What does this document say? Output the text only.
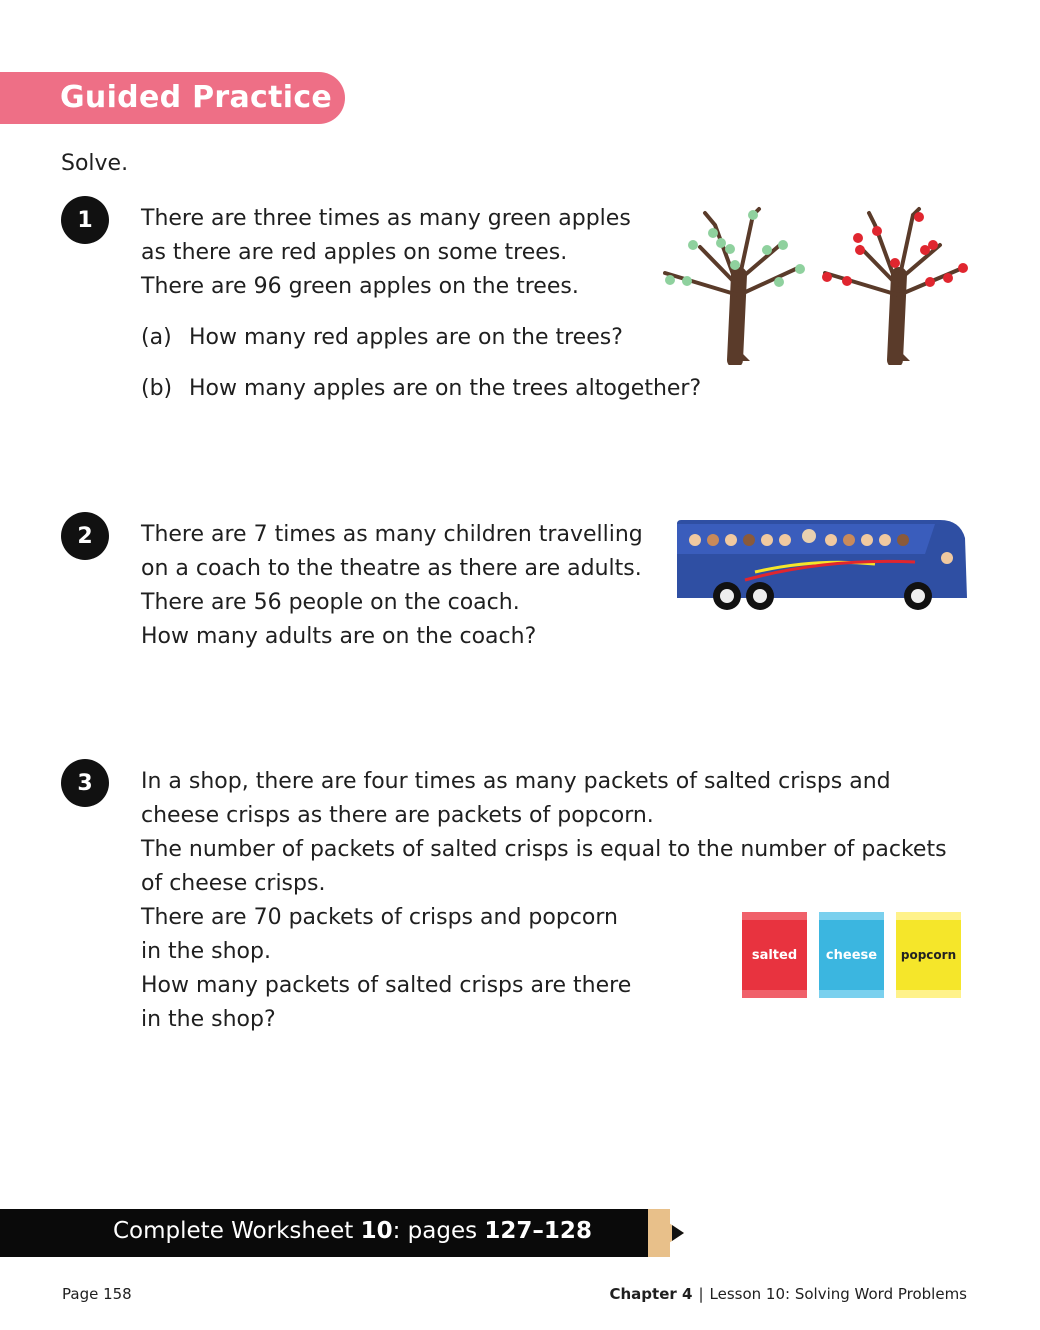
Guided Practice
Solve.
1	There are three times as many green apples
as there are red apples on some trees.
There are 96 green apples on the trees.
(a) How many red apples are on the trees?
(b) How many apples are on the trees altogether?
2	There are 7 times as many children travelling
on a coach to the theatre as there are adults.
There are 56 people on the coach.
How many adults are on the coach?
3	In a shop, there are four times as many packets of salted crisps and
cheese crisps as there are packets of popcorn.
The number of packets of salted crisps is equal to the number of packets
of cheese crisps.
There are 70 packets of crisps and popcorn
in the shop.
How many packets of salted crisps are there
in the shop?
salted cheese popcorn
Complete Worksheet 10: pages 127–128
Page 158	Chapter 4 | Lesson 10: Solving Word Problems
